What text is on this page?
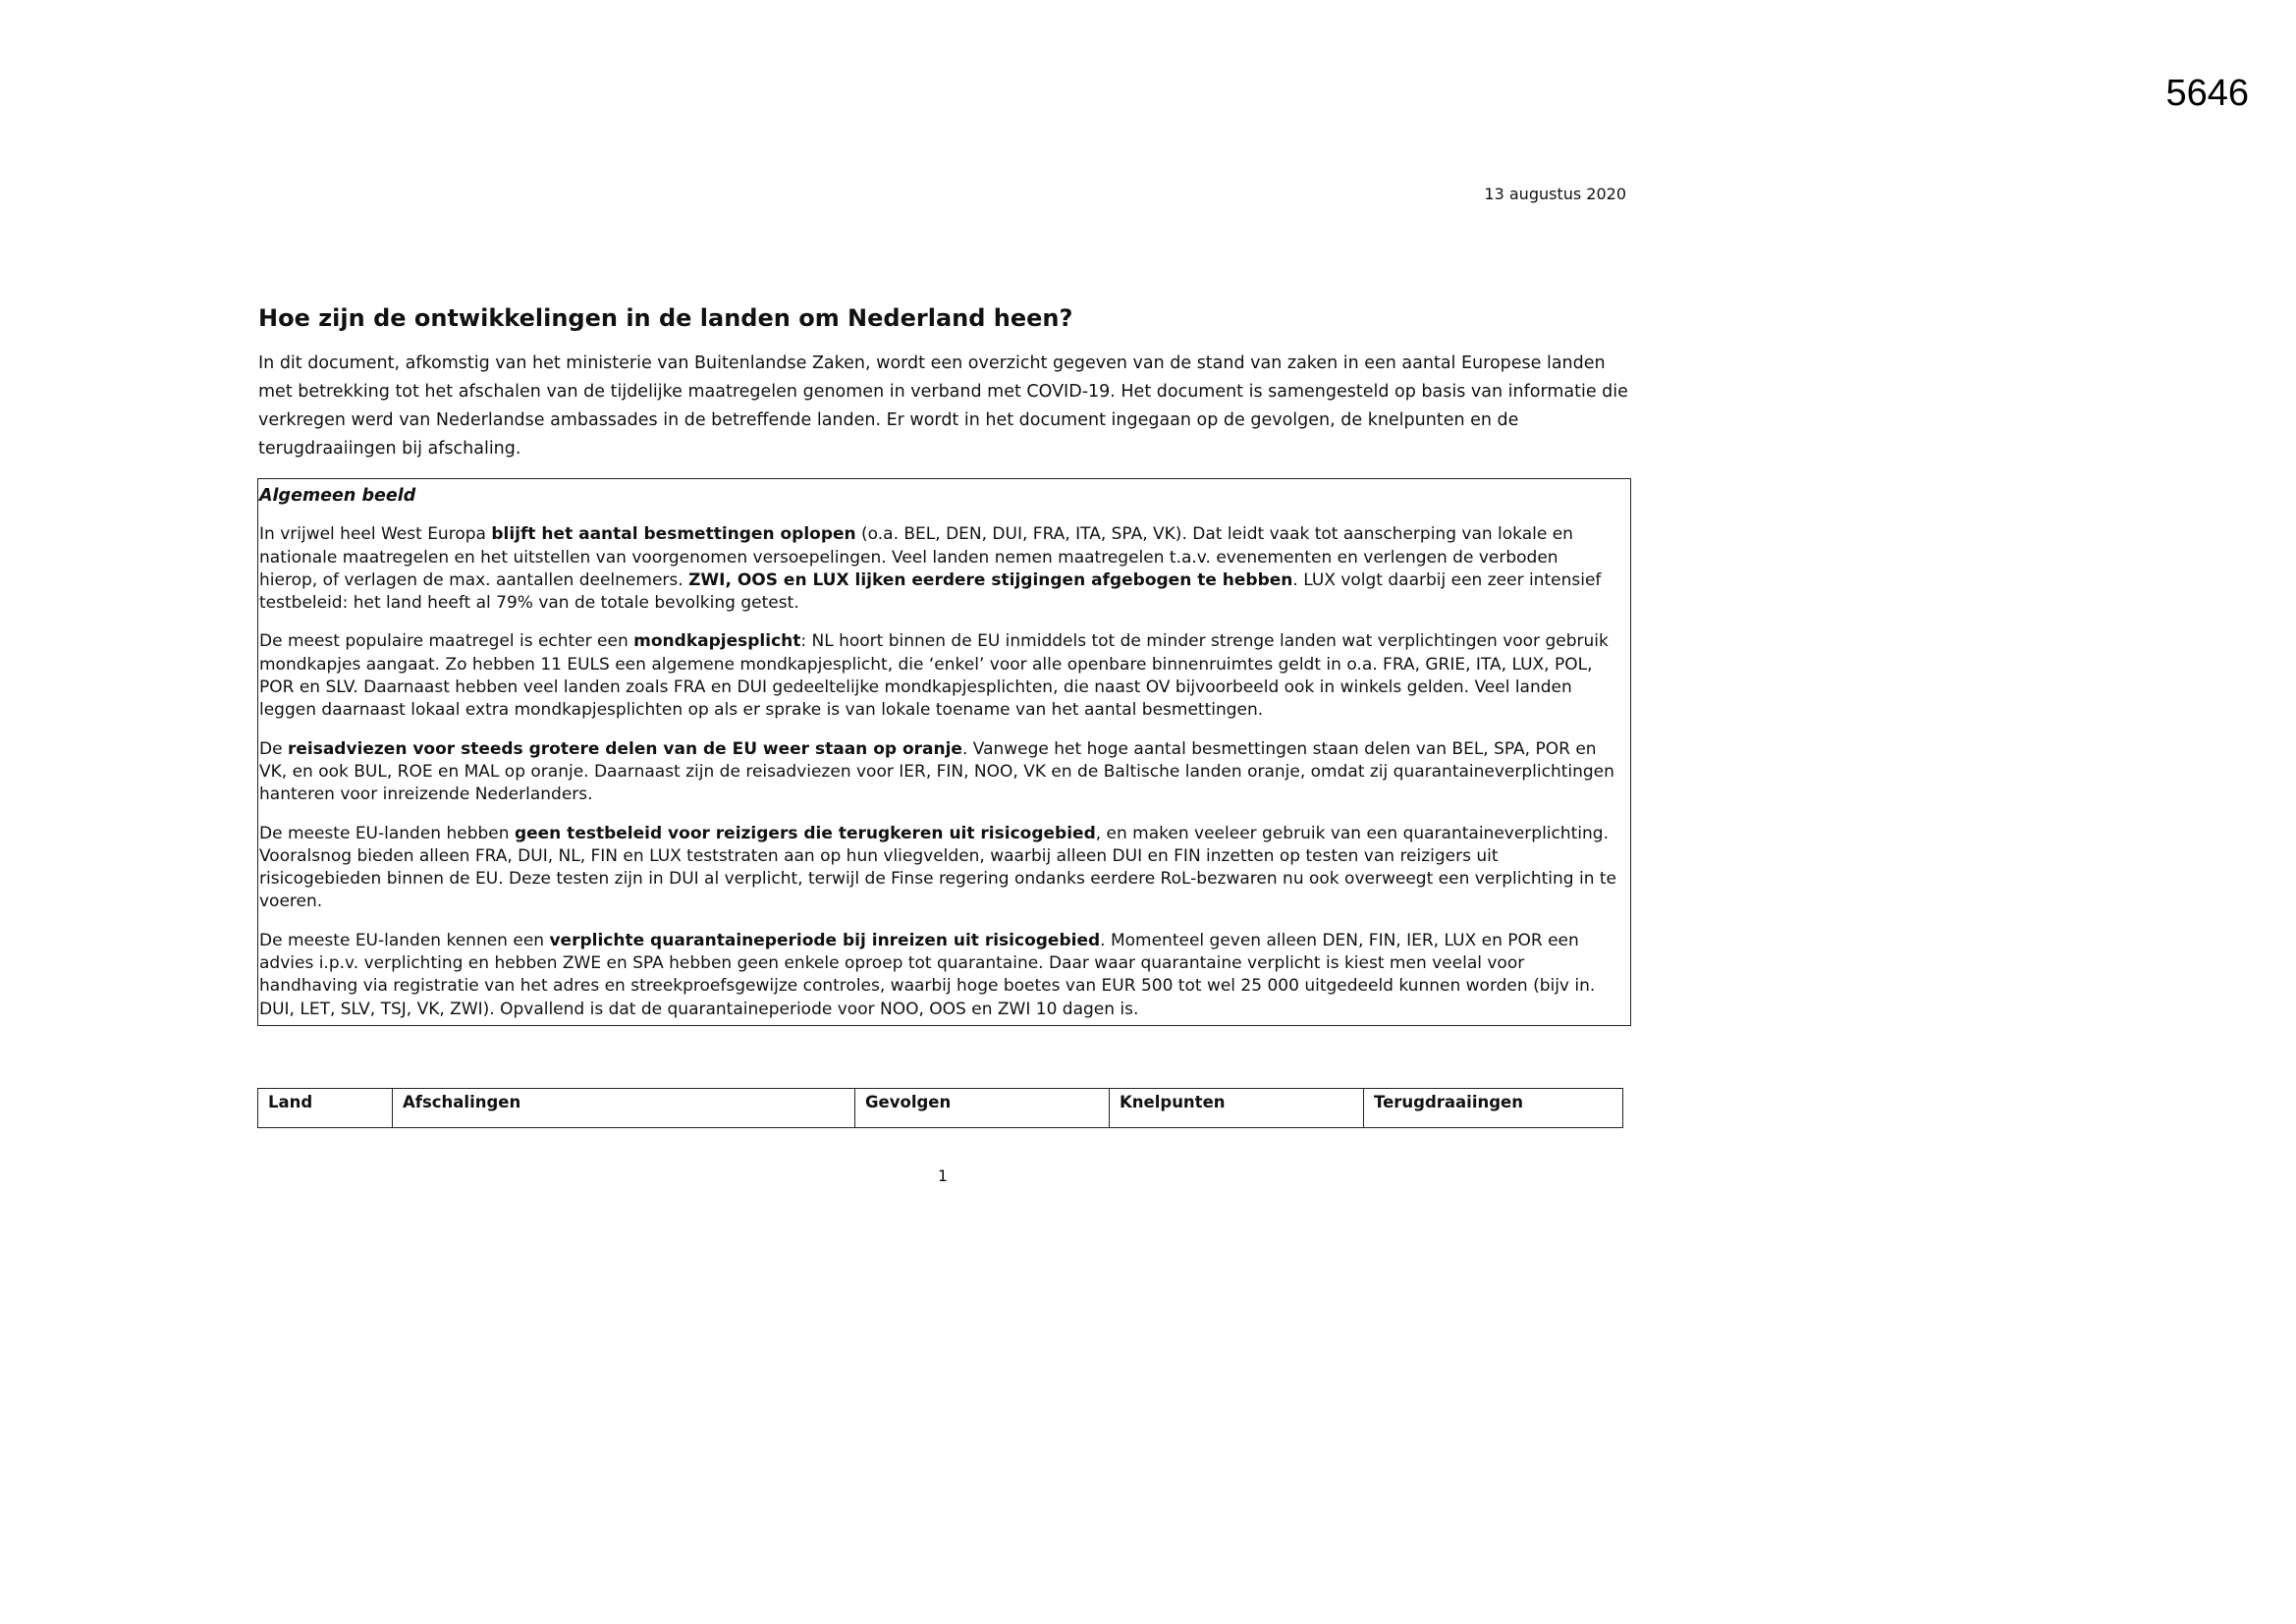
5646
13 augustus 2020
Hoe zijn de ontwikkelingen in de landen om Nederland heen?

In dit document, afkomstig van het ministerie van Buitenlandse Zaken, wordt een overzicht gegeven van de stand van zaken in een aantal Europese landen met betrekking tot het afschalen van de tijdelijke maatregelen genomen in verband met COVID-19. Het document is samengesteld op basis van informatie die verkregen werd van Nederlandse ambassades in de betreffende landen. Er wordt in het document ingegaan op de gevolgen, de knelpunten en de terugdraaiingen bij afschaling.

Algemeen beeld

In vrijwel heel West Europa blijft het aantal besmettingen oplopen (o.a. BEL, DEN, DUI, FRA, ITA, SPA, VK). Dat leidt vaak tot aanscherping van lokale en nationale maatregelen en het uitstellen van voorgenomen versoepelingen. Veel landen nemen maatregelen t.a.v. evenementen en verlengen de verboden hierop, of verlagen de max. aantallen deelnemers. ZWI, OOS en LUX lijken eerdere stijgingen afgebogen te hebben. LUX volgt daarbij een zeer intensief testbeleid: het land heeft al 79% van de totale bevolking getest.

De meest populaire maatregel is echter een mondkapjesplicht: NL hoort binnen de EU inmiddels tot de minder strenge landen wat verplichtingen voor gebruik mondkapjes aangaat. Zo hebben 11 EULS een algemene mondkapjesplicht, die ‘enkel’ voor alle openbare binnenruimtes geldt in o.a. FRA, GRIE, ITA, LUX, POL, POR en SLV. Daarnaast hebben veel landen zoals FRA en DUI gedeeltelijke mondkapjesplichten, die naast OV bijvoorbeeld ook in winkels gelden. Veel landen leggen daarnaast lokaal extra mondkapjesplichten op als er sprake is van lokale toename van het aantal besmettingen.

De reisadviezen voor steeds grotere delen van de EU weer staan op oranje. Vanwege het hoge aantal besmettingen staan delen van BEL, SPA, POR en VK, en ook BUL, ROE en MAL op oranje. Daarnaast zijn de reisadviezen voor IER, FIN, NOO, VK en de Baltische landen oranje, omdat zij quarantaineverplichtingen hanteren voor inreizende Nederlanders.

De meeste EU-landen hebben geen testbeleid voor reizigers die terugkeren uit risicogebied, en maken veeleer gebruik van een quarantaineverplichting. Vooralsnog bieden alleen FRA, DUI, NL, FIN en LUX teststraten aan op hun vliegvelden, waarbij alleen DUI en FIN inzetten op testen van reizigers uit risicogebieden binnen de EU. Deze testen zijn in DUI al verplicht, terwijl de Finse regering ondanks eerdere RoL-bezwaren nu ook overweegt een verplichting in te voeren.

De meeste EU-landen kennen een verplichte quarantaineperiode bij inreizen uit risicogebied. Momenteel geven alleen DEN, FIN, IER, LUX en POR een advies i.p.v. verplichting en hebben ZWE en SPA hebben geen enkele oproep tot quarantaine. Daar waar quarantaine verplicht is kiest men veelal voor handhaving via registratie van het adres en streekproefsgewijze controles, waarbij hoge boetes van EUR 500 tot wel 25 000 uitgedeeld kunnen worden (bijv in. DUI, LET, SLV, TSJ, VK, ZWI). Opvallend is dat de quarantaineperiode voor NOO, OOS en ZWI 10 dagen is.

Land	Afschalingen	Gevolgen	Knelpunten	Terugdraaiingen
1
